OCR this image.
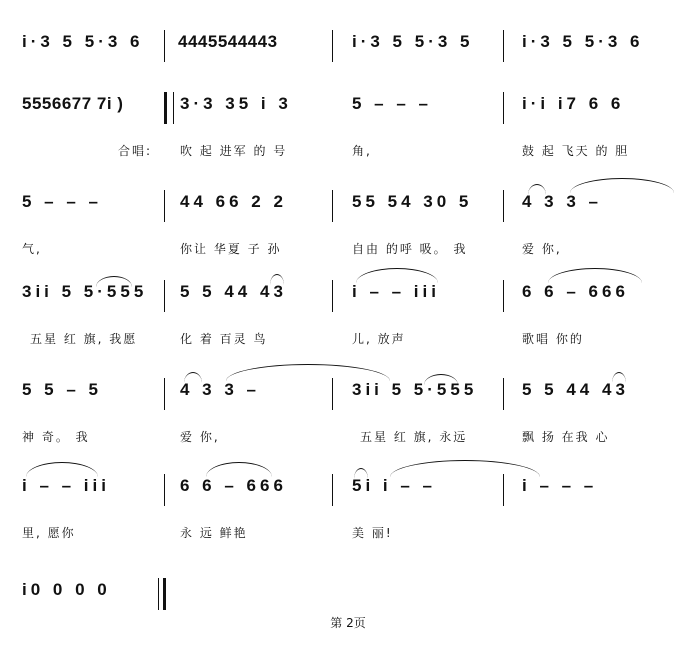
i·3 5 5·3 6 4445544443	i·3 5 5·3 5	i·3 5 5·3 6
5556677 7i )	3·3 35 i 3	5 – – –	i·i i7 6 6
合唱: 吹 起 进军 的 号	角,	鼓 起 飞天 的 胆
5 – – –	44 66 2 2	55 54 30 5	4 3 3 –
气,	你让 华夏 子 孙	自由 的呼 吸。 我	爱 你,
3ii 5 5·555 5 5 44 43	i – – iii	6 6 – 666
五星 红 旗, 我愿	化 着 百灵 鸟	儿, 放声	歌唱 你的
5 5 – 5	4 3 3 –	3ii 5 5·555	5 5 44 43
神 奇。 我	爱 你,	五星 红 旗, 永远	飘 扬 在我 心
i – – iii	6 6 – 666	5i i – –	i – – –
里, 愿你	永 远 鲜艳	美 丽!
i0 0 0 0
第 2页
